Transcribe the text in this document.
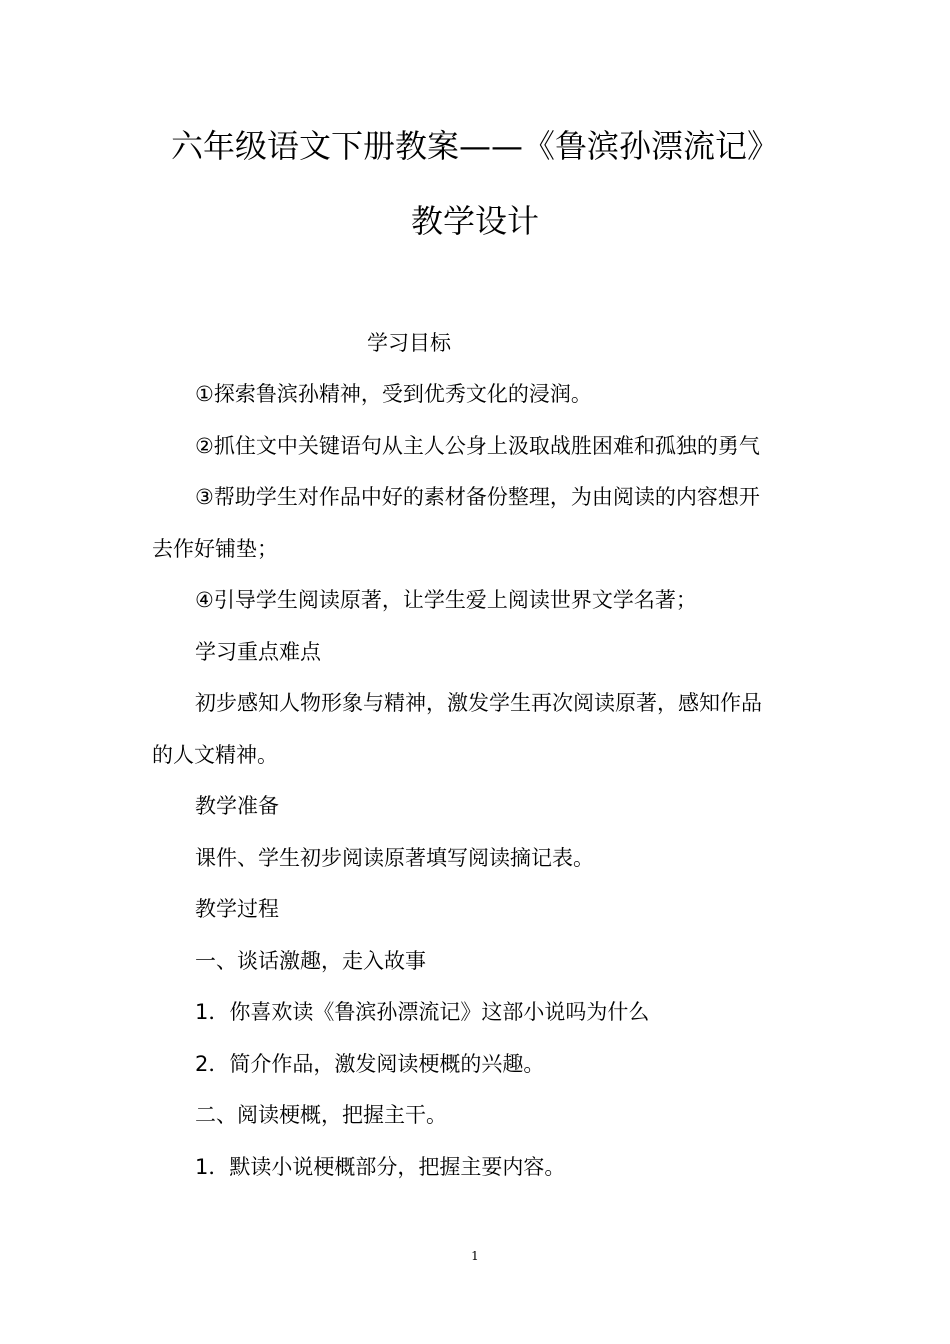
六年级语文下册教案——《鲁滨孙漂流记》
教学设计
学习目标
①探索鲁滨孙精神，受到优秀文化的浸润。
②抓住文中关键语句从主人公身上汲取战胜困难和孤独的勇气
③帮助学生对作品中好的素材备份整理，为由阅读的内容想开
去作好铺垫；
④引导学生阅读原著，让学生爱上阅读世界文学名著；
学习重点难点
初步感知人物形象与精神，激发学生再次阅读原著，感知作品
的人文精神。
教学准备
课件、学生初步阅读原著填写阅读摘记表。
教学过程
一、谈话激趣，走入故事
1．你喜欢读《鲁滨孙漂流记》这部小说吗为什么
2．简介作品，激发阅读梗概的兴趣。
二、阅读梗概，把握主干。
1．默读小说梗概部分，把握主要内容。
1
